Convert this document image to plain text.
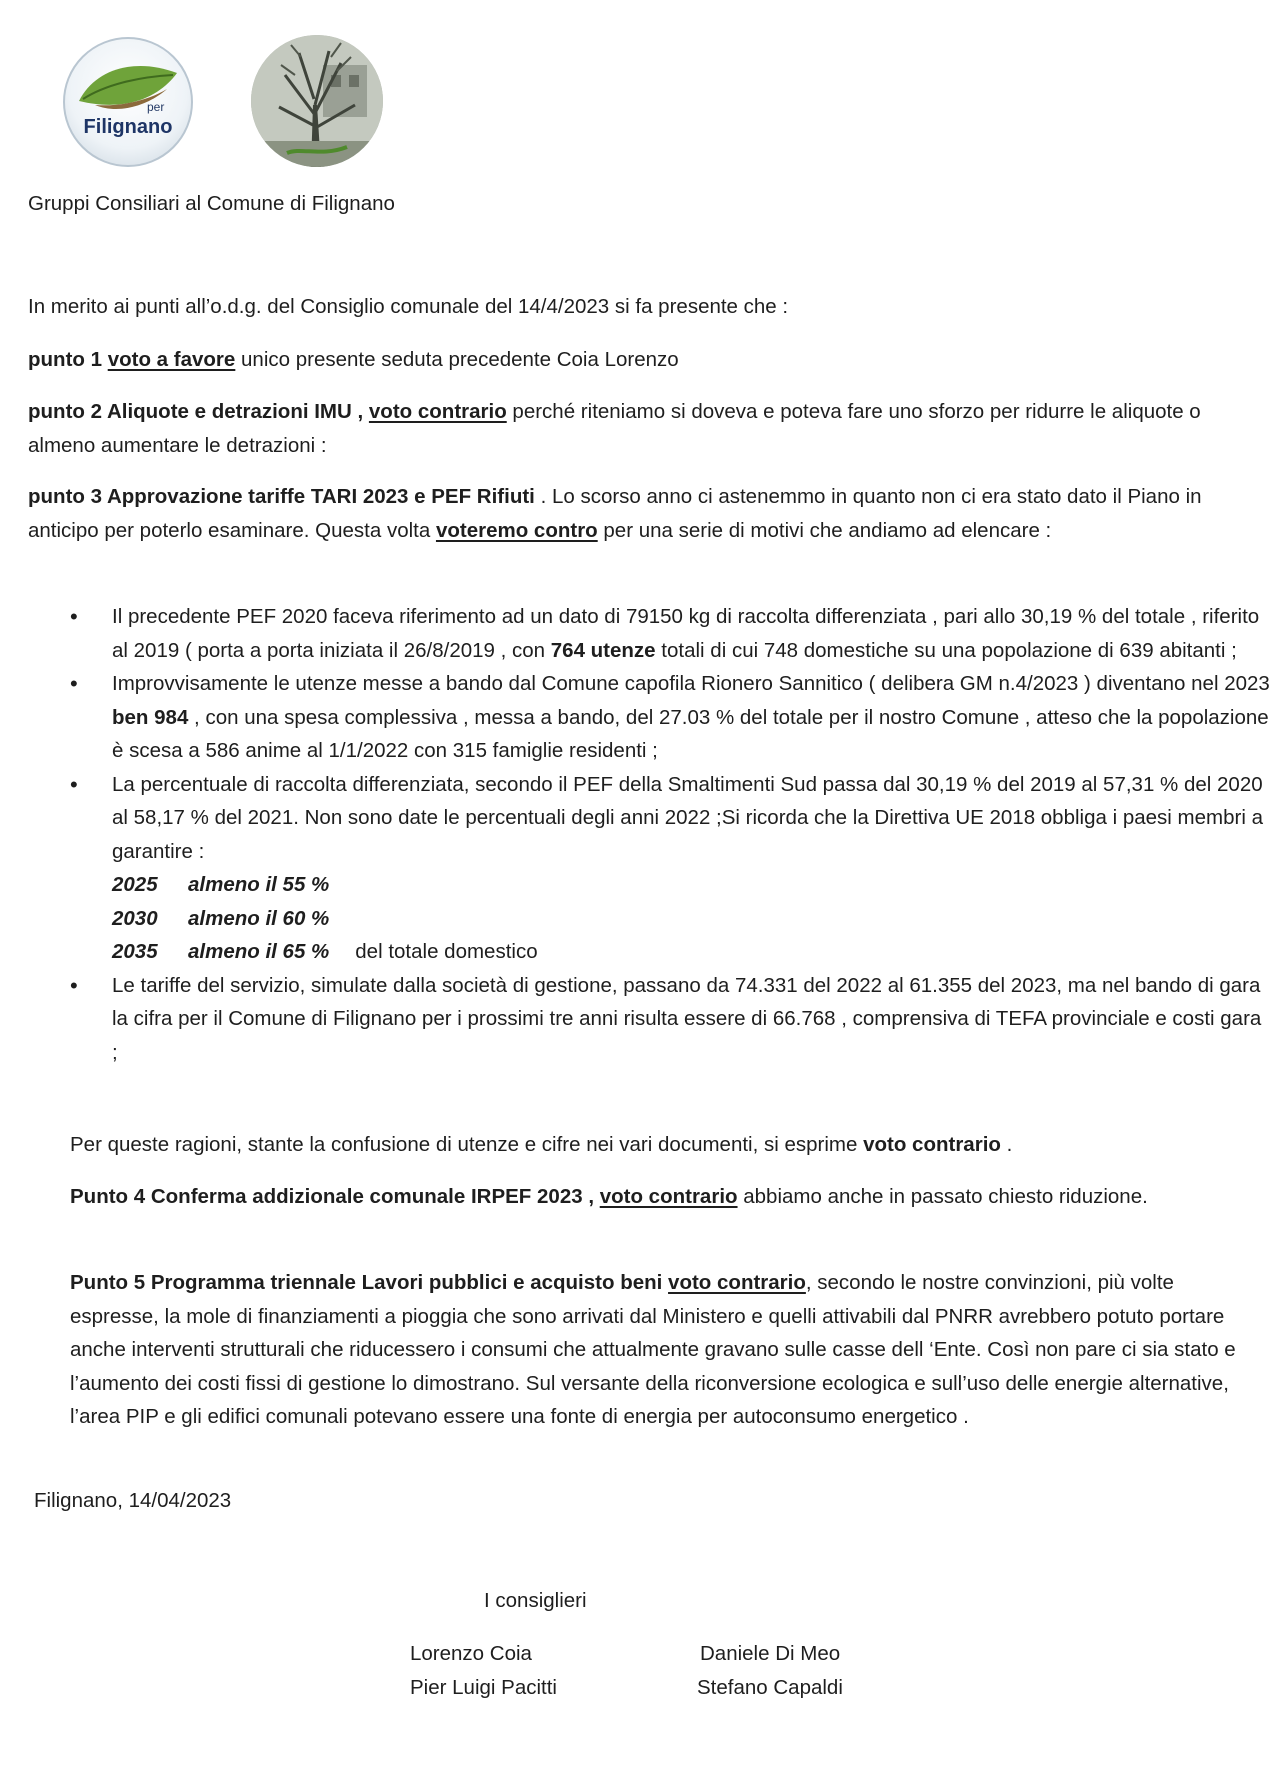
per
Filignano
Gruppi Consiliari al Comune di Filignano
In merito ai punti all’o.d.g. del Consiglio comunale del 14/4/2023 si fa presente che :
punto 1 voto a favore unico presente seduta precedente Coia Lorenzo
punto 2 Aliquote e detrazioni IMU , voto contrario perché riteniamo si doveva e poteva fare uno sforzo per ridurre le aliquote o almeno aumentare le detrazioni :
punto 3 Approvazione tariffe TARI 2023 e PEF Rifiuti . Lo scorso anno ci astenemmo in quanto non ci era stato dato il Piano in anticipo per poterlo esaminare. Questa volta voteremo contro per una serie di motivi che andiamo ad elencare :
• Il precedente PEF 2020 faceva riferimento ad un dato di 79150 kg di raccolta differenziata , pari allo 30,19 % del totale , riferito al 2019 ( porta a porta iniziata il 26/8/2019 , con 764 utenze totali di cui 748 domestiche su una popolazione di 639 abitanti ;
• Improvvisamente le utenze messe a bando dal Comune capofila Rionero Sannitico ( delibera GM n.4/2023 ) diventano nel 2023 ben 984 , con una spesa complessiva , messa a bando, del 27.03 % del totale per il nostro Comune , atteso che la popolazione è scesa a 586 anime al 1/1/2022 con 315 famiglie residenti ;
• La percentuale di raccolta differenziata, secondo il PEF della Smaltimenti Sud passa dal 30,19 % del 2019 al 57,31 % del 2020 al 58,17 % del 2021. Non sono date le percentuali degli anni 2022 ;Si ricorda che la Direttiva UE 2018 obbliga i paesi membri a garantire :
2025 almeno il 55 %
2030 almeno il 60 %
2035 almeno il 65 % del totale domestico
• Le tariffe del servizio, simulate dalla società di gestione, passano da 74.331 del 2022 al 61.355 del 2023, ma nel bando di gara la cifra per il Comune di Filignano per i prossimi tre anni risulta essere di 66.768 , comprensiva di TEFA provinciale e costi gara ;
Per queste ragioni, stante la confusione di utenze e cifre nei vari documenti, si esprime voto contrario .
Punto 4 Conferma addizionale comunale IRPEF 2023 , voto contrario abbiamo anche in passato chiesto riduzione.
Punto 5 Programma triennale Lavori pubblici e acquisto beni voto contrario, secondo le nostre convinzioni, più volte espresse, la mole di finanziamenti a pioggia che sono arrivati dal Ministero e quelli attivabili dal PNRR avrebbero potuto portare anche interventi strutturali che riducessero i consumi che attualmente gravano sulle casse dell ‘Ente. Così non pare ci sia stato e l’aumento dei costi fissi di gestione lo dimostrano. Sul versante della riconversione ecologica e sull’uso delle energie alternative, l’area PIP e gli edifici comunali potevano essere una fonte di energia per autoconsumo energetico .
Filignano, 14/04/2023
I consiglieri
Lorenzo Coia	Daniele Di Meo
Pier Luigi Pacitti	Stefano Capaldi
